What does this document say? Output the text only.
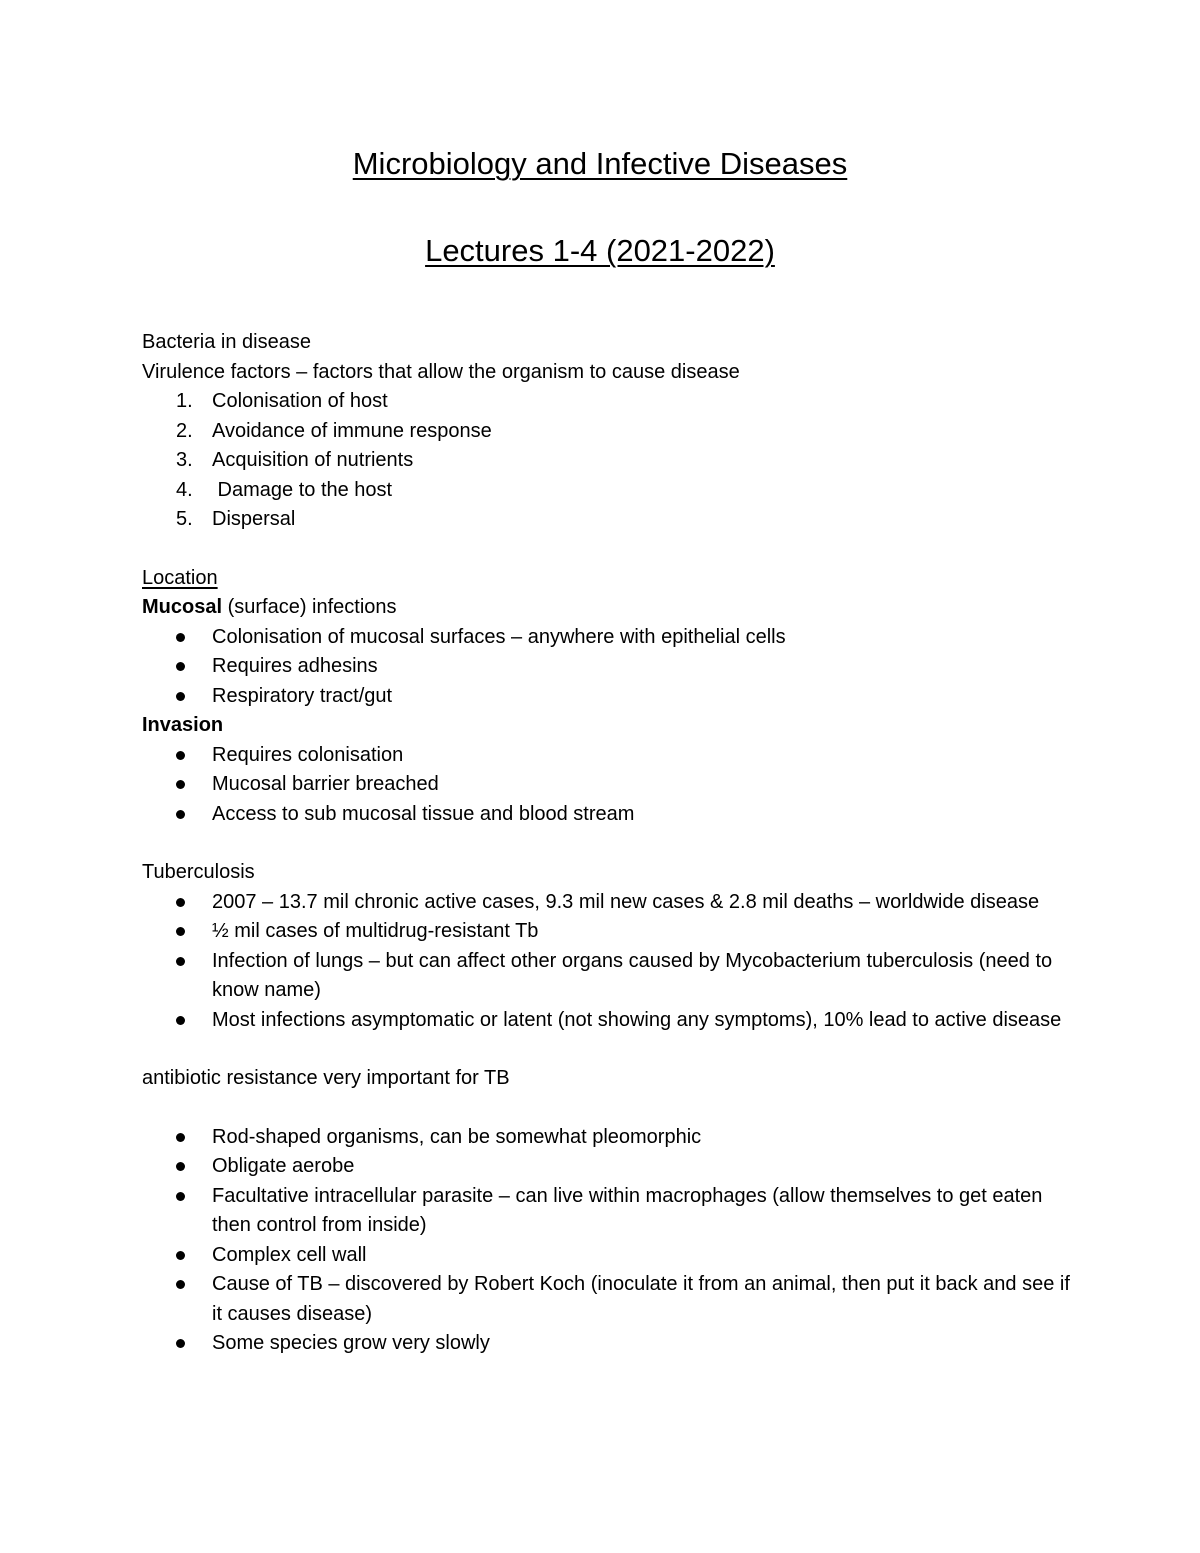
Microbiology and Infective Diseases
Lectures 1-4 (2021-2022)

Bacteria in disease

Virulence factors – factors that allow the organism to cause disease

1. Colonisation of host
2. Avoidance of immune response
3. Acquisition of nutrients
4. Damage to the host
5. Dispersal

Location

Mucosal (surface) infections

Colonisation of mucosal surfaces – anywhere with epithelial cells
Requires adhesins
Respiratory tract/gut

Invasion

Requires colonisation
Mucosal barrier breached
Access to sub mucosal tissue and blood stream

Tuberculosis

2007 – 13.7 mil chronic active cases, 9.3 mil new cases & 2.8 mil deaths – worldwide disease
½ mil cases of multidrug-resistant Tb
Infection of lungs – but can affect other organs caused by Mycobacterium tuberculosis (need to know name)
Most infections asymptomatic or latent (not showing any symptoms), 10% lead to active disease

antibiotic resistance very important for TB

Rod-shaped organisms, can be somewhat pleomorphic
Obligate aerobe
Facultative intracellular parasite – can live within macrophages (allow themselves to get eaten then control from inside)
Complex cell wall
Cause of TB – discovered by Robert Koch (inoculate it from an animal, then put it back and see if it causes disease)
Some species grow very slowly
